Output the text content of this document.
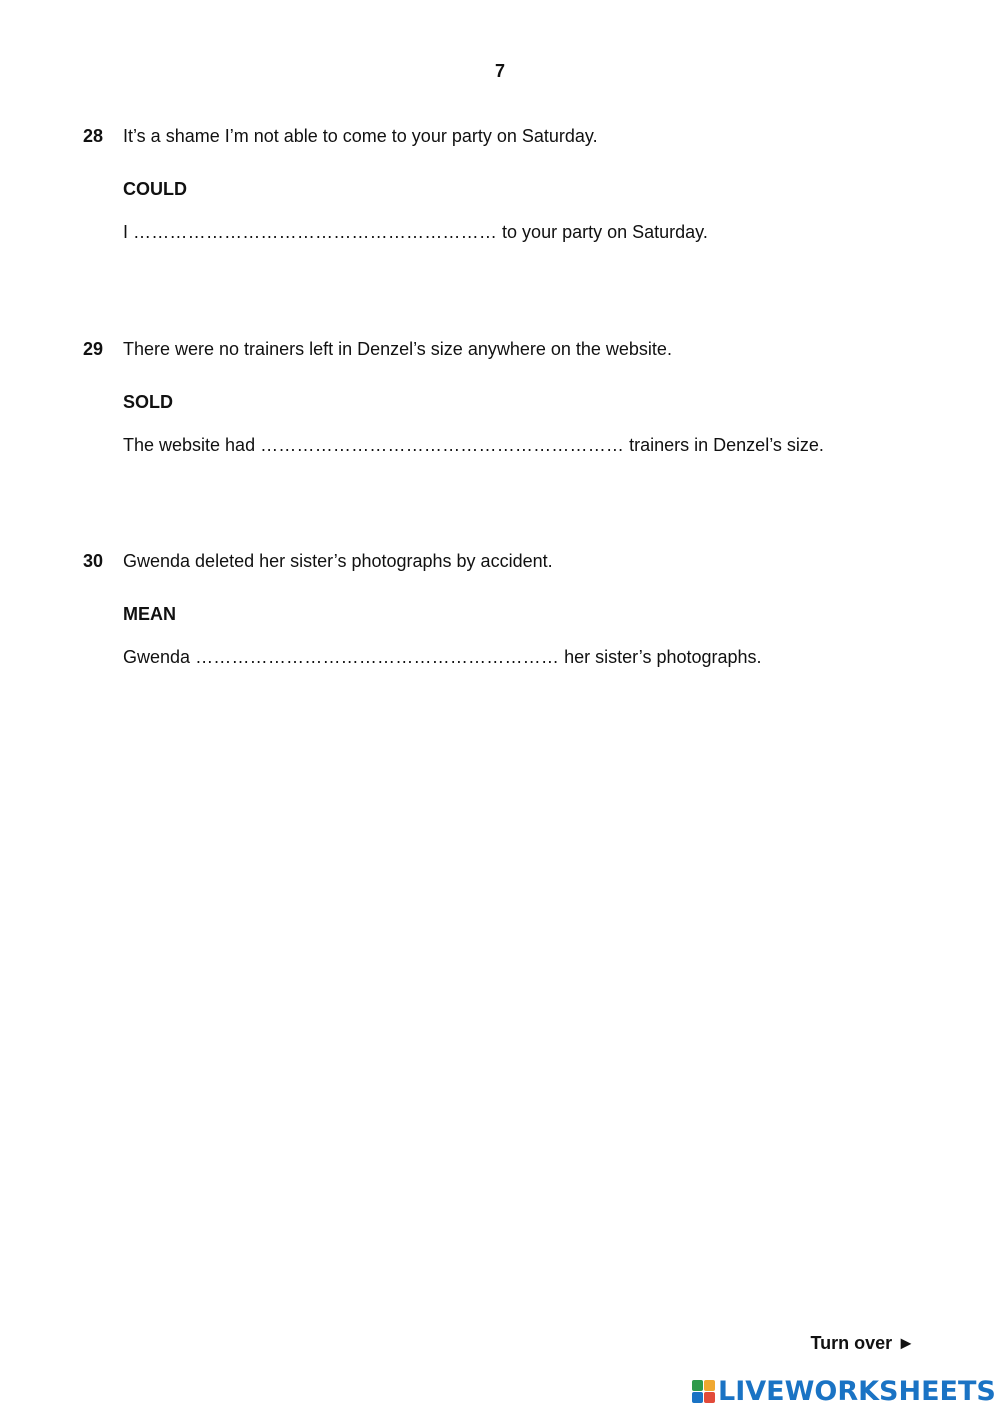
7
28 It’s a shame I’m not able to come to your party on Saturday.
COULD
I …………………………………………………… to your party on Saturday.
29 There were no trainers left in Denzel’s size anywhere on the website.
SOLD
The website had …………………………………………………… trainers in Denzel’s size.
30 Gwenda deleted her sister’s photographs by accident.
MEAN
Gwenda …………………………………………………… her sister’s photographs.
Turn over ►
LIVEWORKSHEETS
